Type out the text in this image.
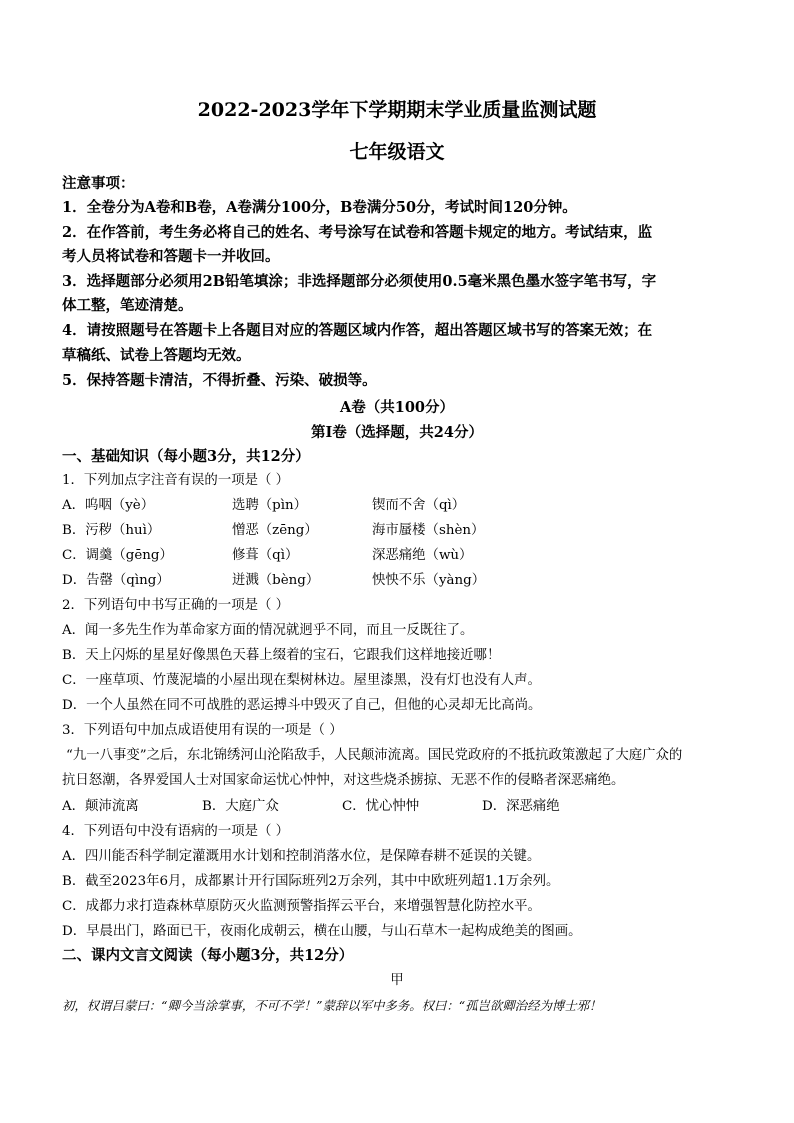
2022-2023学年下学期期末学业质量监测试题
七年级语文
注意事项：
1．全卷分为A卷和B卷，A卷满分100分，B卷满分50分，考试时间120分钟。
2．在作答前，考生务必将自己的姓名、考号涂写在试卷和答题卡规定的地方。考试结束，监
考人员将试卷和答题卡一并收回。
3．选择题部分必须用2B铅笔填涂；非选择题部分必须使用0.5毫米黑色墨水签字笔书写，字
体工整，笔迹清楚。
4．请按照题号在答题卡上各题目对应的答题区域内作答，超出答题区域书写的答案无效；在
草稿纸、试卷上答题均无效。
5．保持答题卡清洁，不得折叠、污染、破损等。
A卷（共100分）
第Ⅰ卷（选择题，共24分）
一、基础知识（每小题3分，共12分）
1．下列加点字注音有误的一项是（ ）
A．呜咽（yè）	选聘（pìn）	锲而不舍（qì）
B．污秽（huì）	憎恶（zēng）	海市蜃楼（shèn）
C．调羹（gēng）	修葺（qì）	深恶痛绝（wù）
D．告罄（qìng）	迸溅（bèng）	怏怏不乐（yàng）
2．下列语句中书写正确的一项是（ ）
A．闻一多先生作为革命家方面的情况就迥乎不同，而且一反既往了。
B．天上闪烁的星星好像黑色天暮上缀着的宝石，它跟我们这样地接近哪！
C．一座草项、竹蔑泥墙的小屋出现在梨树林边。屋里漆黑，没有灯也没有人声。
D．一个人虽然在同不可战胜的恶运搏斗中毁灭了自己，但他的心灵却无比高尚。
3．下列语句中加点成语使用有误的一项是（ ）
“九一八事变”之后，东北锦绣河山沦陷敌手，人民颠沛流离。国民党政府的不抵抗政策激起了大庭广众的
抗日怒潮，各界爱国人士对国家命运忧心忡忡，对这些烧杀掳掠、无恶不作的侵略者深恶痛绝。
A．颠沛流离	B．大庭广众	C．忧心忡忡	D．深恶痛绝
4．下列语句中没有语病的一项是（ ）
A．四川能否科学制定灌溉用水计划和控制消落水位，是保障春耕不延误的关键。
B．截至2023年6月，成都累计开行国际班列2万余列，其中中欧班列超1.1万余列。
C．成都力求打造森林草原防灭火监测预警指挥云平台，来增强智慧化防控水平。
D．早晨出门，路面已干，夜雨化成朝云，横在山腰，与山石草木一起构成绝美的图画。
二、课内文言文阅读（每小题3分，共12分）
甲
初，权谓吕蒙曰：“卿今当涂掌事，不可不学！”蒙辞以军中多务。权曰：“孤岂欲卿治经为博士邪！
